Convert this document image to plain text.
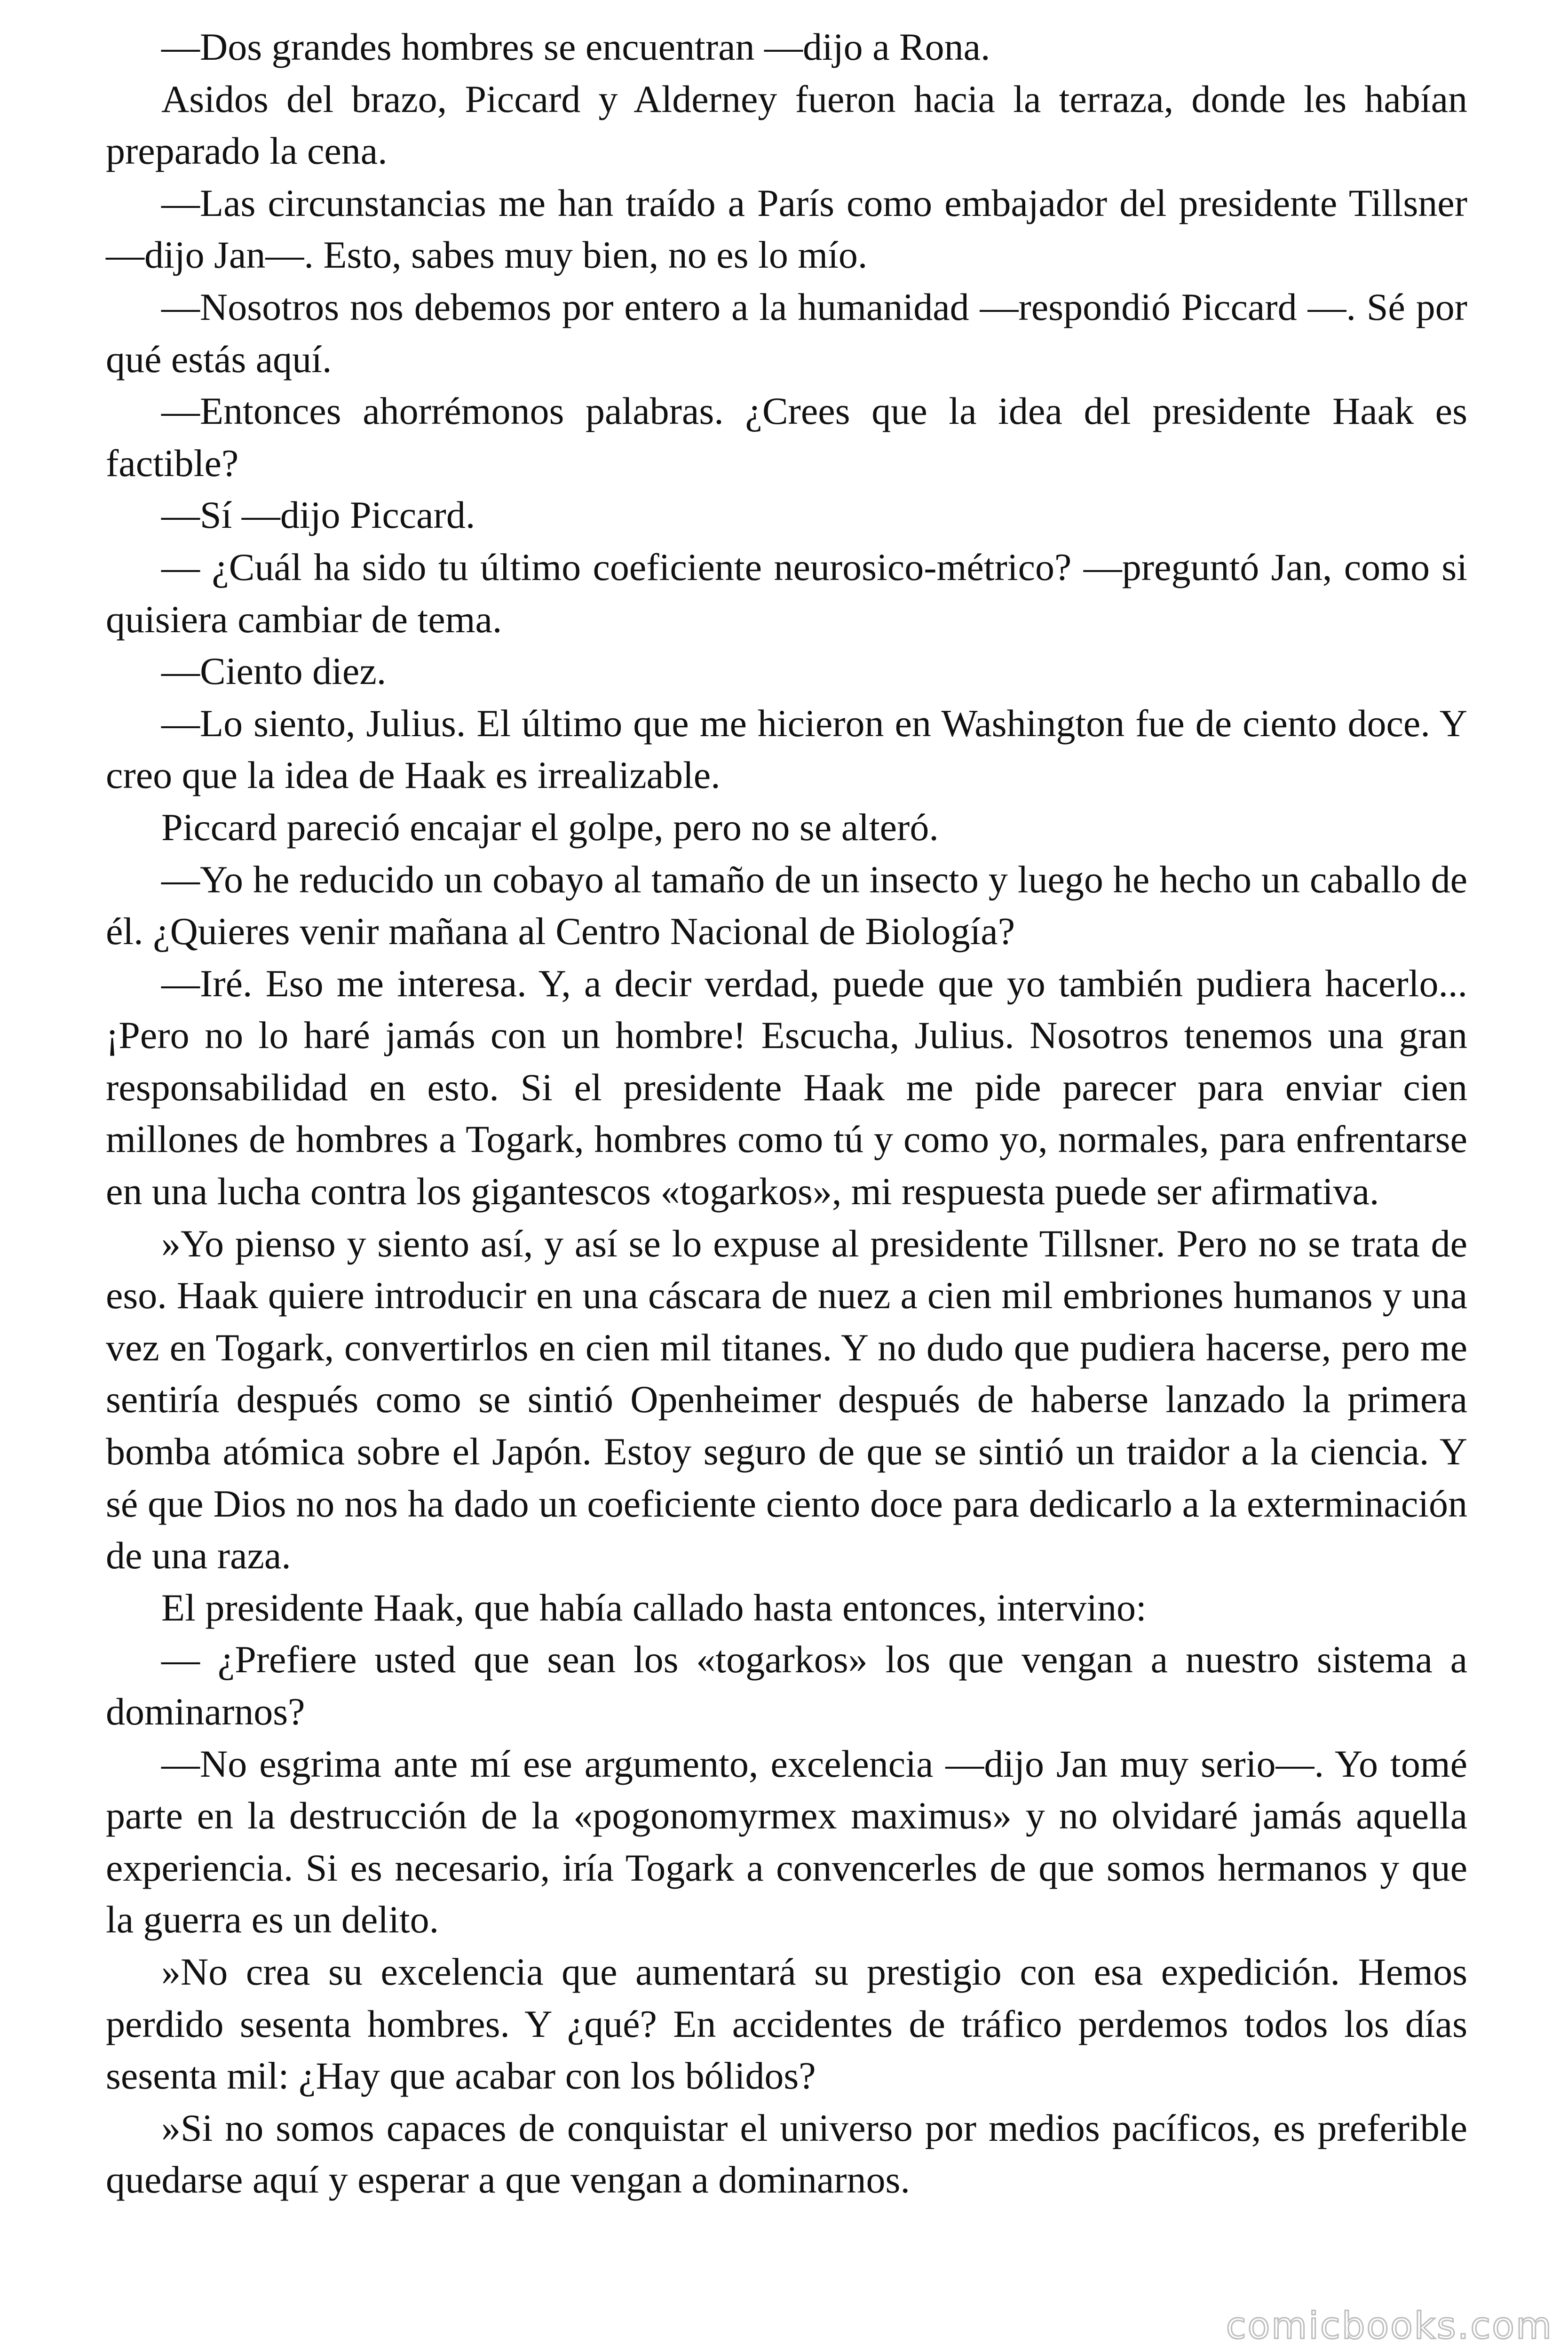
—Dos grandes hombres se encuentran —dijo a Rona.

Asidos del brazo, Piccard y Alderney fueron hacia la terraza, donde les habían preparado la cena.

—Las circunstancias me han traído a París como embajador del presidente Tillsner —dijo Jan—. Esto, sabes muy bien, no es lo mío.

—Nosotros nos debemos por entero a la humanidad —respondió Piccard —. Sé por qué estás aquí.

—Entonces ahorrémonos palabras. ¿Crees que la idea del presidente Haak es factible?

—Sí —dijo Piccard.

— ¿Cuál ha sido tu último coeficiente neurosico-métrico? —preguntó Jan, como si quisiera cambiar de tema.

—Ciento diez.

—Lo siento, Julius. El último que me hicieron en Washington fue de ciento doce. Y creo que la idea de Haak es irrealizable.

Piccard pareció encajar el golpe, pero no se alteró.

—Yo he reducido un cobayo al tamaño de un insecto y luego he hecho un caballo de él. ¿Quieres venir mañana al Centro Nacional de Biología?

—Iré. Eso me interesa. Y, a decir verdad, puede que yo también pudiera hacerlo... ¡Pero no lo haré jamás con un hombre! Escucha, Julius. Nosotros tenemos una gran responsabilidad en esto. Si el presidente Haak me pide parecer para enviar cien millones de hombres a Togark, hombres como tú y como yo, normales, para enfrentarse en una lucha contra los gigantescos «togarkos», mi respuesta puede ser afirmativa.

»Yo pienso y siento así, y así se lo expuse al presidente Tillsner. Pero no se trata de eso. Haak quiere introducir en una cáscara de nuez a cien mil embriones humanos y una vez en Togark, convertirlos en cien mil titanes. Y no dudo que pudiera hacerse, pero me sentiría después como se sintió Openheimer después de haberse lanzado la primera bomba atómica sobre el Japón. Estoy seguro de que se sintió un traidor a la ciencia. Y sé que Dios no nos ha dado un coeficiente ciento doce para dedicarlo a la exterminación de una raza.

El presidente Haak, que había callado hasta entonces, intervino:

— ¿Prefiere usted que sean los «togarkos» los que vengan a nuestro sistema a dominarnos?

—No esgrima ante mí ese argumento, excelencia —dijo Jan muy serio—. Yo tomé parte en la destrucción de la «pogonomyrmex maximus» y no olvidaré jamás aquella experiencia. Si es necesario, iría Togark a convencerles de que somos hermanos y que la guerra es un delito.

»No crea su excelencia que aumentará su prestigio con esa expedición. Hemos perdido sesenta hombres. Y ¿qué? En accidentes de tráfico perdemos todos los días sesenta mil: ¿Hay que acabar con los bólidos?

»Si no somos capaces de conquistar el universo por medios pacíficos, es preferible quedarse aquí y esperar a que vengan a dominarnos.

comicbooks.com
